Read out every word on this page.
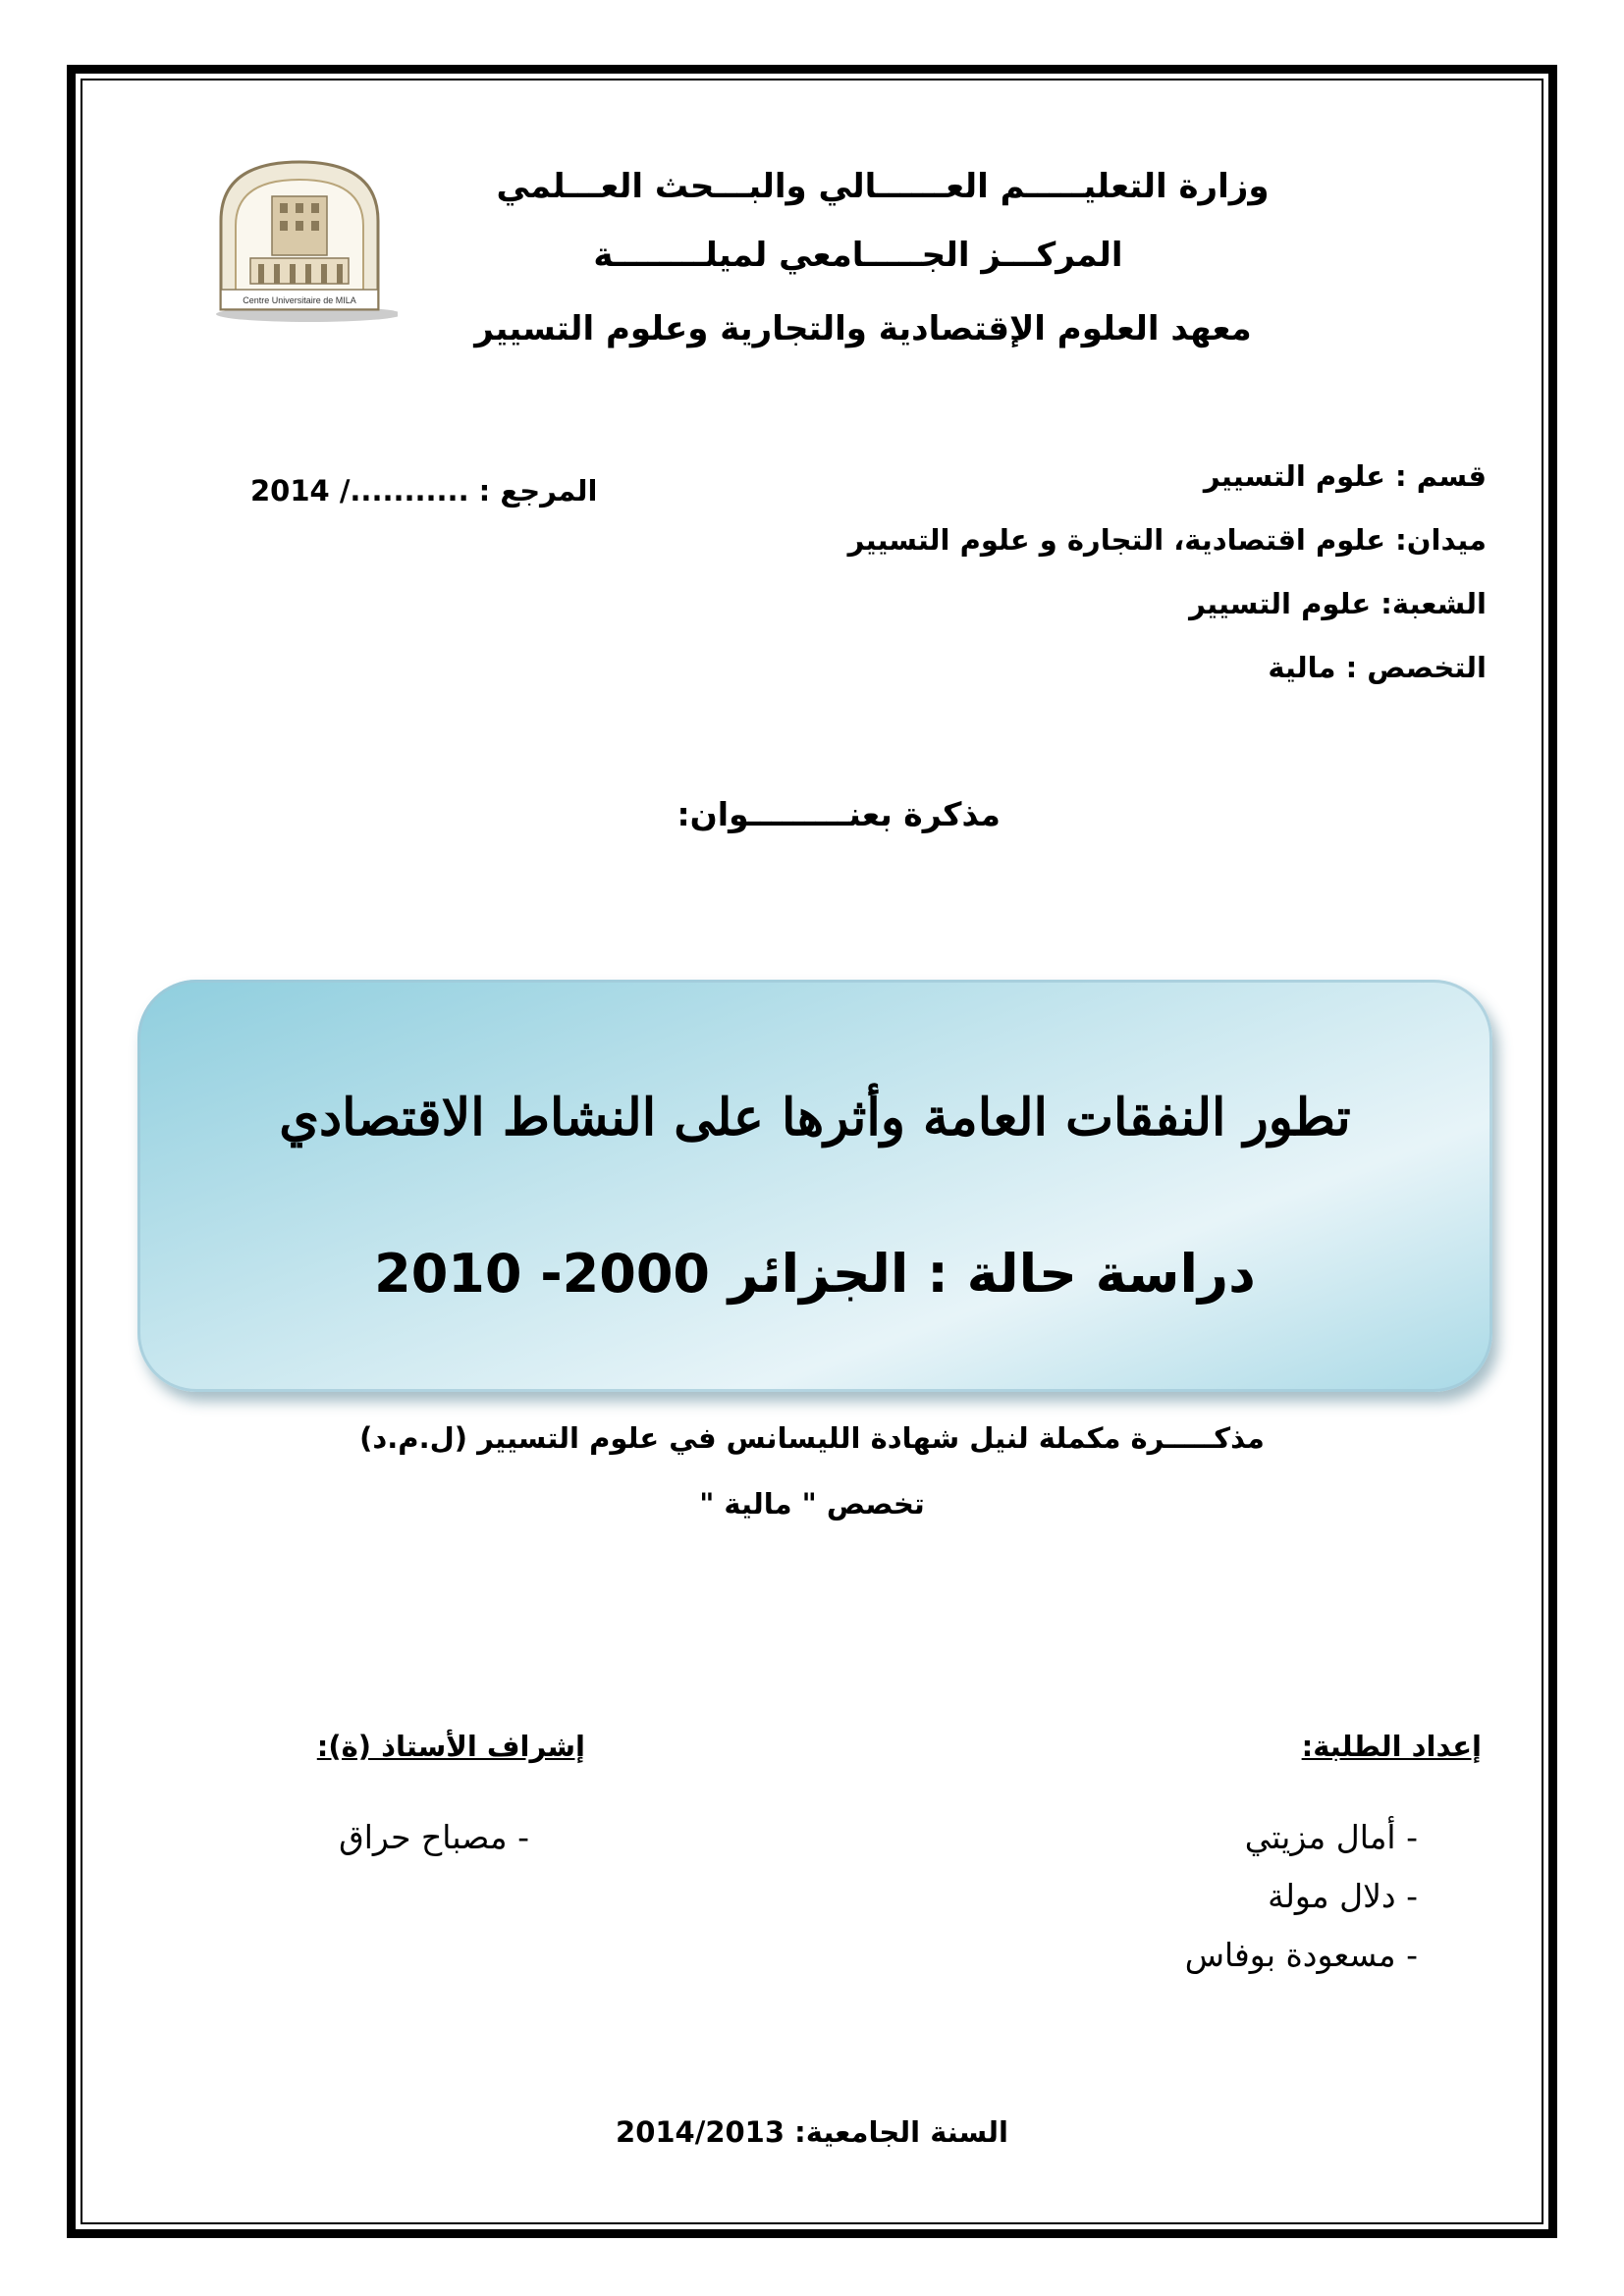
Centre Universitaire de MILA
وزارة التعليـــــم العــــــالي والبـــحث العـــلمي
المركـــز الجـــــامعي لميلــــــــة
معهد العلوم الإقتصادية والتجارية وعلوم التسيير
المرجع : .........../ 2014	قسم : علوم التسيير
ميدان: علوم اقتصادية، التجارة و علوم التسيير
الشعبة: علوم التسيير
التخصص : مالية
مذكرة بعنـــــــــوان:
تطور النفقات العامة وأثرها على النشاط الاقتصادي
دراسة حالة : الجزائر 2000- 2010
مذكـــــرة مكملة لنيل شهادة الليسانس في علوم التسيير (ل.م.د)
تخصص " مالية "
إعداد الطلبة:
- أمال مزيتي
- دلال مولة
- مسعودة بوفاس
إشراف الأستاذ (ة):
- مصباح حراق
السنة الجامعية: 2014/2013
